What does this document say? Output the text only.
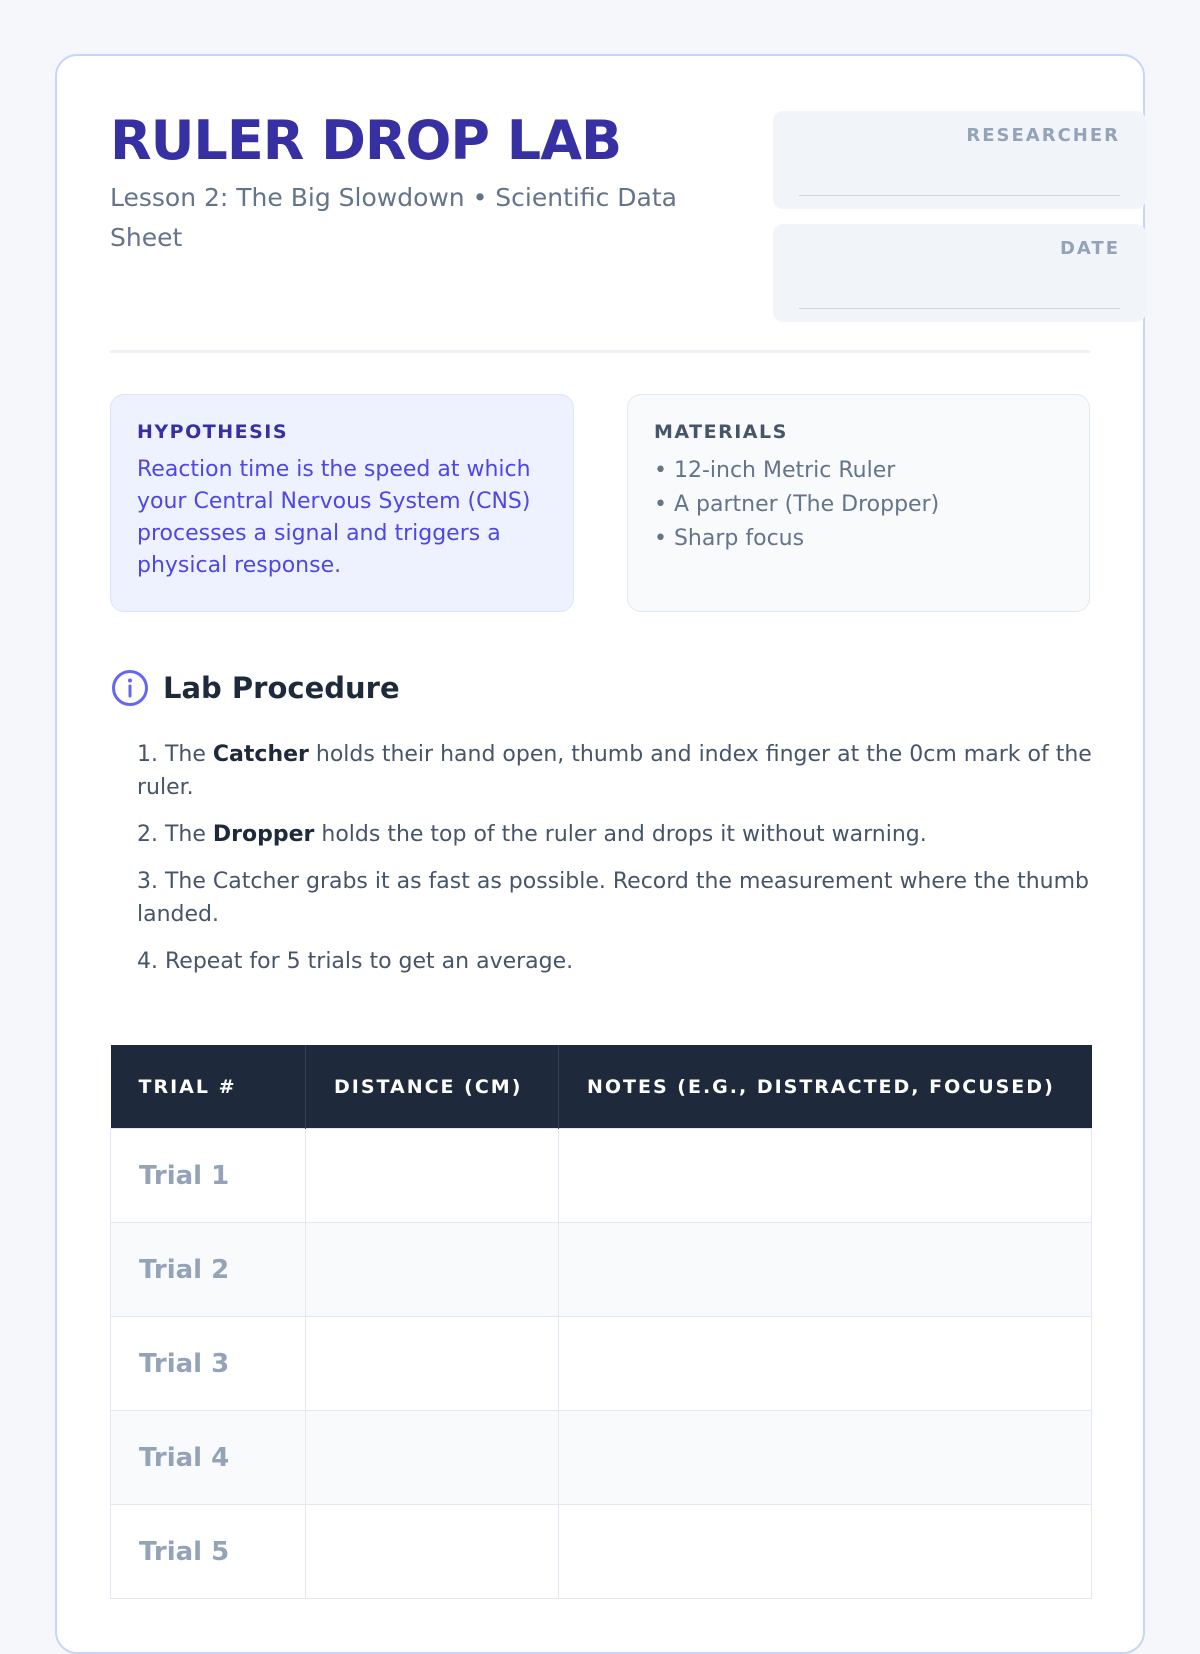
RULER DROP LAB
Lesson 2: The Big Slowdown • Scientific Data Sheet
RESEARCHER
DATE
HYPOTHESIS
Reaction time is the speed at which your Central Nervous System (CNS) processes a signal and triggers a physical response.
MATERIALS
• 12-inch Metric Ruler
• A partner (The Dropper)
• Sharp focus
Lab Procedure
1. The Catcher holds their hand open, thumb and index finger at the 0cm mark of the ruler.
2. The Dropper holds the top of the ruler and drops it without warning.
3. The Catcher grabs it as fast as possible. Record the measurement where the thumb landed.
4. Repeat for 5 trials to get an average.
TRIAL #	DISTANCE (CM)	NOTES (E.G., DISTRACTED, FOCUSED)
Trial 1		
Trial 2		
Trial 3		
Trial 4		
Trial 5		
